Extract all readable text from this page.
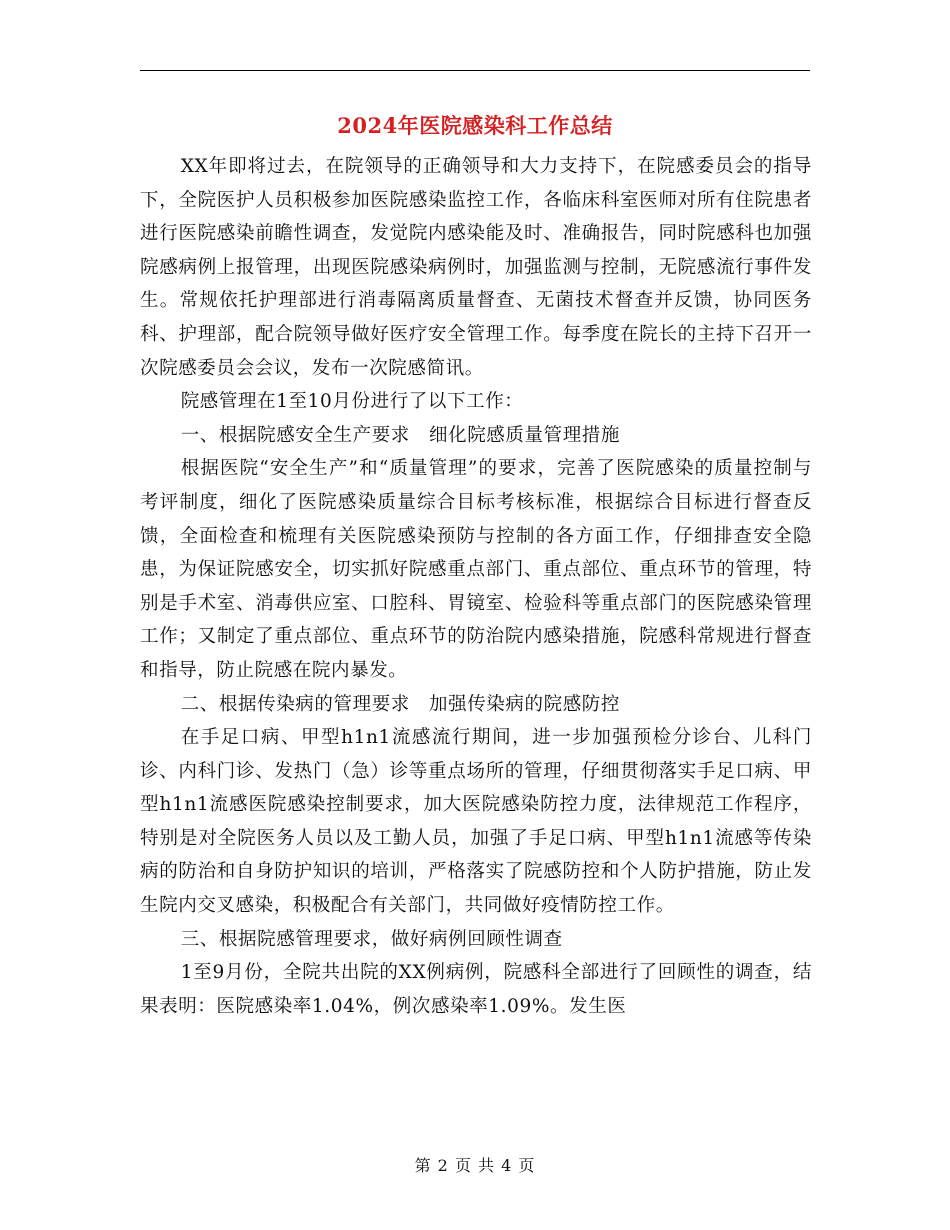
2024年医院感染科工作总结

XX年即将过去，在院领导的正确领导和大力支持下，在院感委员会的指导下，全院医护人员积极参加医院感染监控工作，各临床科室医师对所有住院患者进行医院感染前瞻性调查，发觉院内感染能及时、准确报告，同时院感科也加强院感病例上报管理，出现医院感染病例时，加强监测与控制，无院感流行事件发生。常规依托护理部进行消毒隔离质量督查、无菌技术督查并反馈，协同医务科、护理部，配合院领导做好医疗安全管理工作。每季度在院长的主持下召开一次院感委员会会议，发布一次院感简讯。

院感管理在1至10月份进行了以下工作：

一、根据院感安全生产要求　细化院感质量管理措施

根据医院“安全生产”和“质量管理”的要求，完善了医院感染的质量控制与考评制度，细化了医院感染质量综合目标考核标准，根据综合目标进行督查反馈，全面检查和梳理有关医院感染预防与控制的各方面工作，仔细排查安全隐患，为保证院感安全，切实抓好院感重点部门、重点部位、重点环节的管理，特别是手术室、消毒供应室、口腔科、胃镜室、检验科等重点部门的医院感染管理工作；又制定了重点部位、重点环节的防治院内感染措施，院感科常规进行督查和指导，防止院感在院内暴发。

二、根据传染病的管理要求　加强传染病的院感防控

在手足口病、甲型h1n1流感流行期间，进一步加强预检分诊台、儿科门诊、内科门诊、发热门（急）诊等重点场所的管理，仔细贯彻落实手足口病、甲型h1n1流感医院感染控制要求，加大医院感染防控力度，法律规范工作程序，特别是对全院医务人员以及工勤人员，加强了手足口病、甲型h1n1流感等传染病的防治和自身防护知识的培训，严格落实了院感防控和个人防护措施，防止发生院内交叉感染，积极配合有关部门，共同做好疫情防控工作。

三、根据院感管理要求，做好病例回顾性调查

1至9月份，全院共出院的XX例病例，院感科全部进行了回顾性的调查，结果表明：医院感染率1.04%，例次感染率1.09%。发生医

第 2 页 共 4 页
